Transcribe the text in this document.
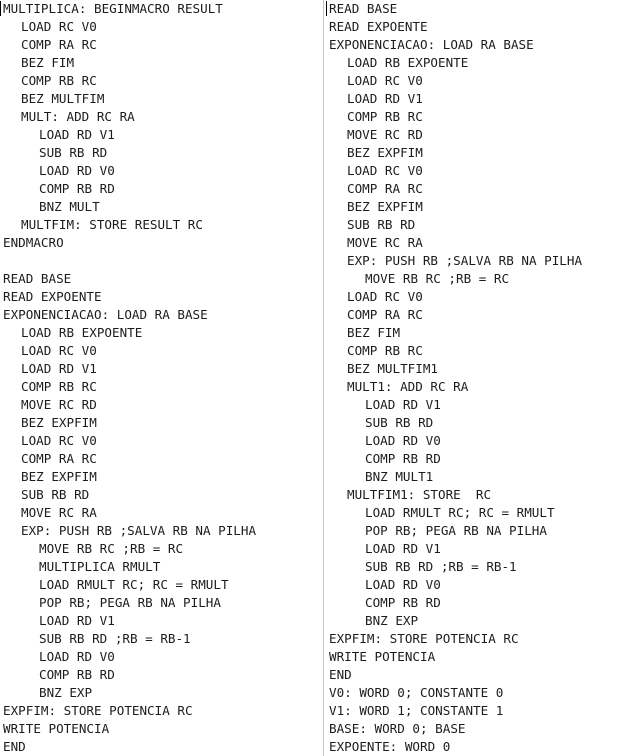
MULTIPLICA: BEGINMACRO RESULT
LOAD RC V0
COMP RA RC
BEZ FIM
COMP RB RC
BEZ MULTFIM
MULT: ADD RC RA
LOAD RD V1
SUB RB RD
LOAD RD V0
COMP RB RD
BNZ MULT
MULTFIM: STORE RESULT RC
ENDMACRO
READ BASE
READ EXPOENTE
EXPONENCIACAO: LOAD RA BASE
LOAD RB EXPOENTE
LOAD RC V0
LOAD RD V1
COMP RB RC
MOVE RC RD
BEZ EXPFIM
LOAD RC V0
COMP RA RC
BEZ EXPFIM
SUB RB RD
MOVE RC RA
EXP: PUSH RB ;SALVA RB NA PILHA
MOVE RB RC ;RB = RC
MULTIPLICA RMULT
LOAD RMULT RC; RC = RMULT
POP RB; PEGA RB NA PILHA
LOAD RD V1
SUB RB RD ;RB = RB-1
LOAD RD V0
COMP RB RD
BNZ EXP
EXPFIM: STORE POTENCIA RC
WRITE POTENCIA
END
READ BASE
READ EXPOENTE
EXPONENCIACAO: LOAD RA BASE
LOAD RB EXPOENTE
LOAD RC V0
LOAD RD V1
COMP RB RC
MOVE RC RD
BEZ EXPFIM
LOAD RC V0
COMP RA RC
BEZ EXPFIM
SUB RB RD
MOVE RC RA
EXP: PUSH RB ;SALVA RB NA PILHA
MOVE RB RC ;RB = RC
LOAD RC V0
COMP RA RC
BEZ FIM
COMP RB RC
BEZ MULTFIM1
MULT1: ADD RC RA
LOAD RD V1
SUB RB RD
LOAD RD V0
COMP RB RD
BNZ MULT1
MULTFIM1: STORE  RC
LOAD RMULT RC; RC = RMULT
POP RB; PEGA RB NA PILHA
LOAD RD V1
SUB RB RD ;RB = RB-1
LOAD RD V0
COMP RB RD
BNZ EXP
EXPFIM: STORE POTENCIA RC
WRITE POTENCIA
END
V0: WORD 0; CONSTANTE 0
V1: WORD 1; CONSTANTE 1
BASE: WORD 0; BASE
EXPOENTE: WORD 0
